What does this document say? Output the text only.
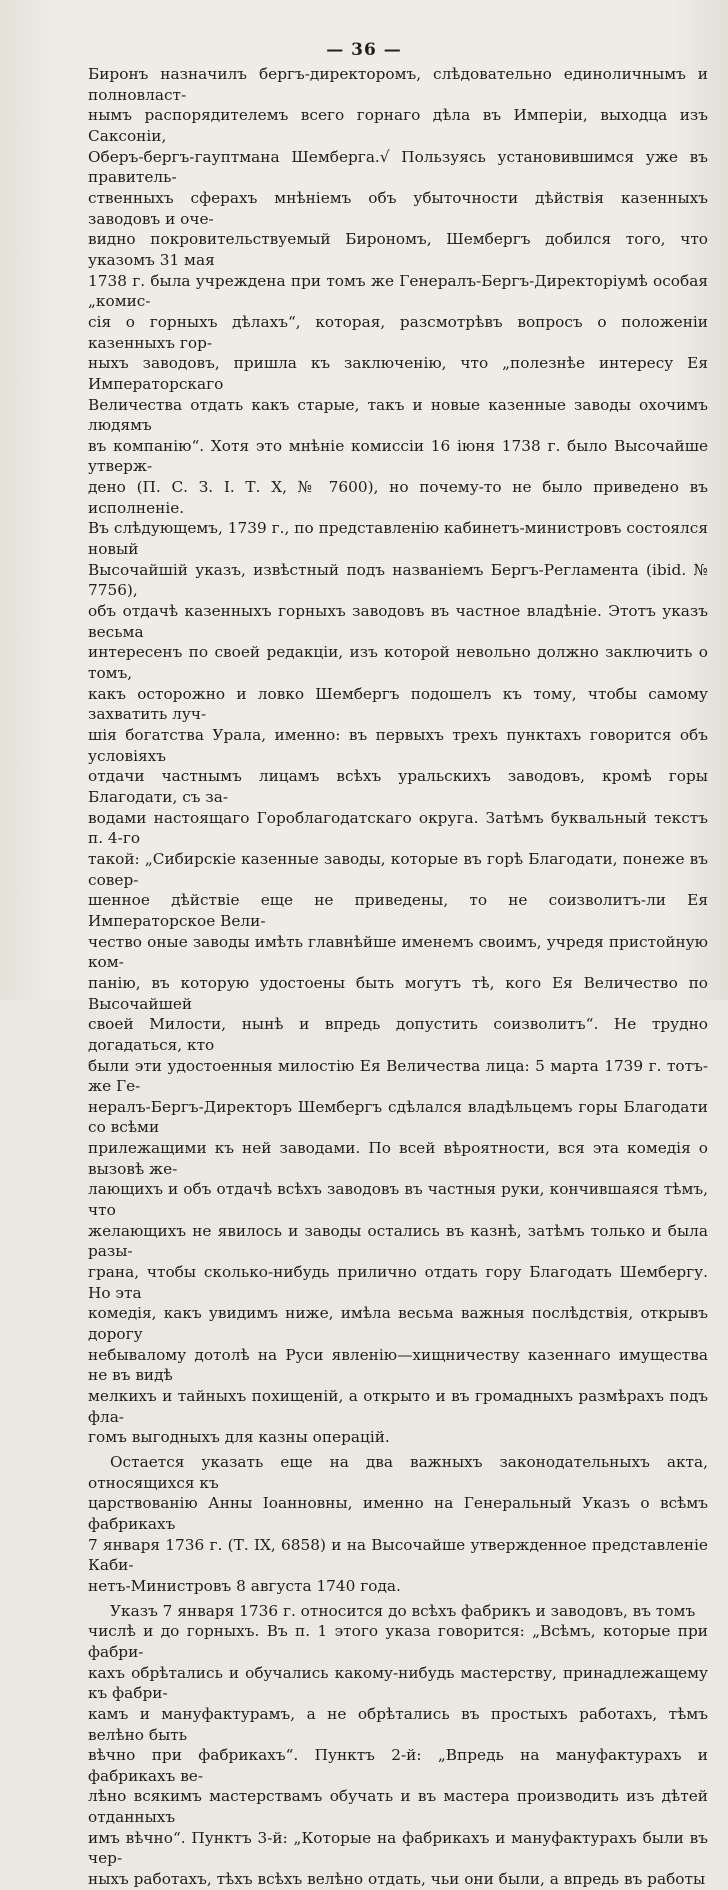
— 36 —

Биронъ назначилъ бергъ-директоромъ, слѣдовательно единоличнымъ и полновласт-
нымъ распорядителемъ всего горнаго дѣла въ Имперіи, выходца изъ Саксоніи,
Оберъ-бергъ-гауптмана Шемберга.√ Пользуясь установившимся уже въ правитель-
ственныхъ сферахъ мнѣніемъ объ убыточности дѣйствія казенныхъ заводовъ и оче-
видно покровительствуемый Бирономъ, Шембергъ добился того, что указомъ 31 мая
1738 г. была учреждена при томъ же Генералъ-Бергъ-Директоріумѣ особая „комис-
сія о горныхъ дѣлахъ“, которая, разсмотрѣвъ вопросъ о положеніи казенныхъ гор-
ныхъ заводовъ, пришла къ заключенію, что „полезнѣе интересу Ея Императорскаго
Величества отдать какъ старые, такъ и новые казенные заводы охочимъ людямъ
въ компанію“. Хотя это мнѣніе комиссіи 16 іюня 1738 г. было Высочайше утверж-
дено (П. С. З. I. Т. X, № 7600), но почему-то не было приведено въ исполненіе.
Въ слѣдующемъ, 1739 г., по представленію кабинетъ-министровъ состоялся новый
Высочайшій указъ, извѣстный подъ названіемъ Бергъ-Регламента (ibid. № 7756),
объ отдачѣ казенныхъ горныхъ заводовъ въ частное владѣніе. Этотъ указъ весьма
интересенъ по своей редакціи, изъ которой невольно должно заключить о томъ,
какъ осторожно и ловко Шембергъ подошелъ къ тому, чтобы самому захватить луч-
шія богатства Урала, именно: въ первыхъ трехъ пунктахъ говорится объ условіяхъ
отдачи частнымъ лицамъ всѣхъ уральскихъ заводовъ, кромѣ горы Благодати, съ за-
водами настоящаго Гороблагодатскаго округа. Затѣмъ буквальный текстъ п. 4-го
такой: „Сибирскіе казенные заводы, которые въ горѣ Благодати, понеже въ совер-
шенное дѣйствіе еще не приведены, то не соизволитъ-ли Ея Императорское Вели-
чество оные заводы имѣть главнѣйше именемъ своимъ, учредя пристойную ком-
панію, въ которую удостоены быть могутъ тѣ, кого Ея Величество по Высочайшей
своей Милости, нынѣ и впредь допустить соизволитъ“. Не трудно догадаться, кто
были эти удостоенныя милостію Ея Величества лица: 5 марта 1739 г. тотъ-же Ге-
нералъ-Бергъ-Директоръ Шембергъ сдѣлался владѣльцемъ горы Благодати со всѣми
прилежащими къ ней заводами. По всей вѣроятности, вся эта комедія о вызовѣ же-
лающихъ и объ отдачѣ всѣхъ заводовъ въ частныя руки, кончившаяся тѣмъ, что
желающихъ не явилось и заводы остались въ казнѣ, затѣмъ только и была разы-
грана, чтобы сколько-нибудь прилично отдать гору Благодать Шембергу. Но эта
комедія, какъ увидимъ ниже, имѣла весьма важныя послѣдствія, открывъ дорогу
небывалому дотолѣ на Руси явленію—хищничеству казеннаго имущества не въ видѣ
мелкихъ и тайныхъ похищеній, а открыто и въ громадныхъ размѣрахъ подъ фла-
гомъ выгодныхъ для казны операцій.

Остается указать еще на два важныхъ законодательныхъ акта, относящихся къ
царствованію Анны Іоанновны, именно на Генеральный Указъ о всѣмъ фабрикахъ
7 января 1736 г. (Т. IX, 6858) и на Высочайше утвержденное представленіе Каби-
нетъ-Министровъ 8 августа 1740 года.

Указъ 7 января 1736 г. относится до всѣхъ фабрикъ и заводовъ, въ томъ
числѣ и до горныхъ. Въ п. 1 этого указа говорится: „Всѣмъ, которые при фабри-
кахъ обрѣтались и обучались какому-нибудь мастерству, принадлежащему къ фабри-
камъ и мануфактурамъ, а не обрѣтались въ простыхъ работахъ, тѣмъ велѣно быть
вѣчно при фабрикахъ“. Пунктъ 2-й: „Впредь на мануфактурахъ и фабрикахъ ве-
лѣно всякимъ мастерствамъ обучать и въ мастера производить изъ дѣтей отданныхъ
имъ вѣчно“. Пунктъ 3-й: „Которые на фабрикахъ и мануфактурахъ были въ чер-
ныхъ работахъ, тѣхъ всѣхъ велѣно отдать, чьи они были, а впредь въ работы
